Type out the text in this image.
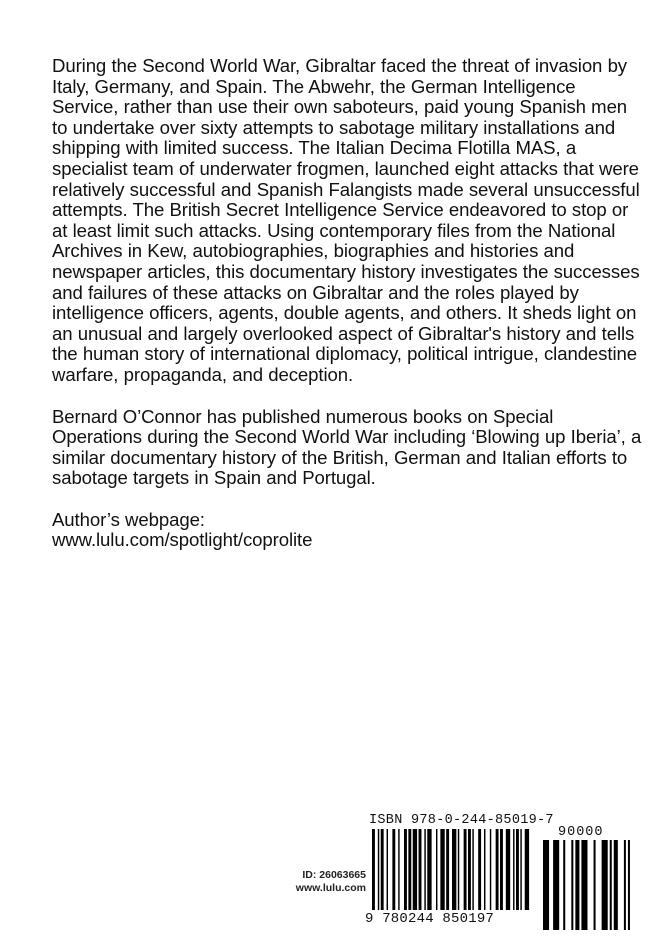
During the Second World War, Gibraltar faced the threat of invasion by Italy, Germany, and Spain. The Abwehr, the German Intelligence Service, rather than use their own saboteurs, paid young Spanish men to undertake over sixty attempts to sabotage military installations and shipping with limited success. The Italian Decima Flotilla MAS, a specialist team of underwater frogmen, launched eight attacks that were relatively successful and Spanish Falangists made several unsuccessful attempts. The British Secret Intelligence Service endeavored to stop or at least limit such attacks. Using contemporary files from the National Archives in Kew, autobiographies, biographies and histories and newspaper articles, this documentary history investigates the successes and failures of these attacks on Gibraltar and the roles played by intelligence officers, agents, double agents, and others. It sheds light on an unusual and largely overlooked aspect of Gibraltar's history and tells the human story of international diplomacy, political intrigue, clandestine warfare, propaganda, and deception.

Bernard O’Connor has published numerous books on Special Operations during the Second World War including ‘Blowing up Iberia’, a similar documentary history of the British, German and Italian efforts to sabotage targets in Spain and Portugal.

Author’s webpage:
www.lulu.com/spotlight/coprolite

ID: 26063665
www.lulu.com
ISBN 978-0-244-85019-7
90000
9 780244 850197
